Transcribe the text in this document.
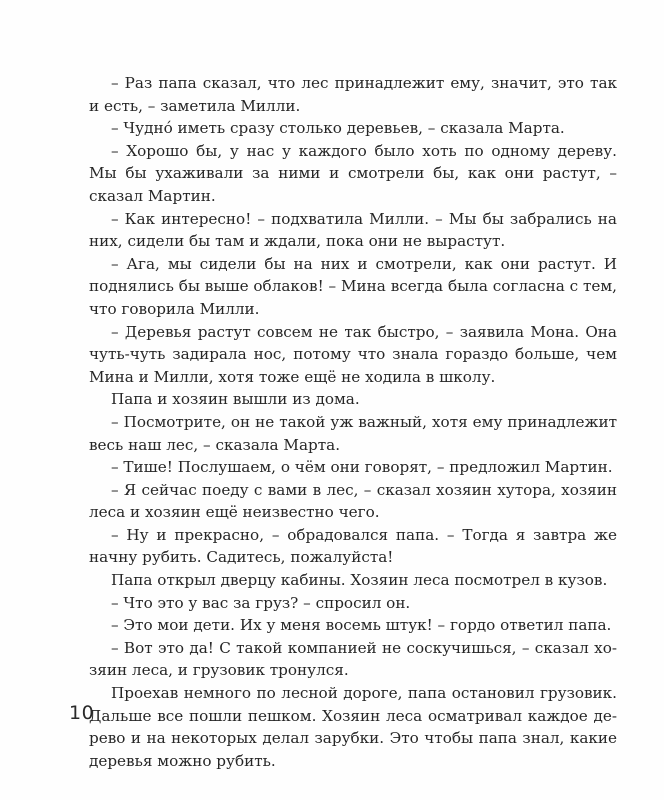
– Раз папа сказал, что лес принадлежит ему, значит, это так и есть, – заметила Милли.

– Чудно́ иметь сразу столько деревьев, – сказала Марта.

– Хорошо бы, у нас у каждого было хоть по одному дереву. Мы бы ухаживали за ними и смотрели бы, как они растут, – сказал Мартин.

– Как интересно! – подхватила Милли. – Мы бы забрались на них, сидели бы там и ждали, пока они не вырастут.

– Ага, мы сидели бы на них и смотрели, как они растут. И поднялись бы выше облаков! – Мина всегда была согласна с тем, что говорила Милли.

– Деревья растут совсем не так быстро, – заявила Мона. Она чуть-чуть задирала нос, потому что знала гораздо больше, чем Мина и Милли, хотя тоже ещё не ходила в школу.

Папа и хозяин вышли из дома.

– Посмотрите, он не такой уж важный, хотя ему принадлежит весь наш лес, – сказала Марта.

– Тише! Послушаем, о чём они говорят, – предложил Мартин.

– Я сейчас поеду с вами в лес, – сказал хозяин хутора, хозяин леса и хозяин ещё неизвестно чего.

– Ну и прекрасно, – обрадовался папа. – Тогда я завтра же начну рубить. Садитесь, пожалуйста!

Папа открыл дверцу кабины. Хозяин леса посмотрел в кузов.

– Что это у вас за груз? – спросил он.

– Это мои дети. Их у меня восемь штук! – гордо ответил папа.

– Вот это да! С такой компанией не соскучишься, – сказал хозяин леса, и грузовик тронулся.

Проехав немного по лесной дороге, папа остановил грузовик. Дальше все пошли пешком. Хозяин леса осматривал каждое дерево и на некоторых делал зарубки. Это чтобы папа знал, какие деревья можно рубить.

10
